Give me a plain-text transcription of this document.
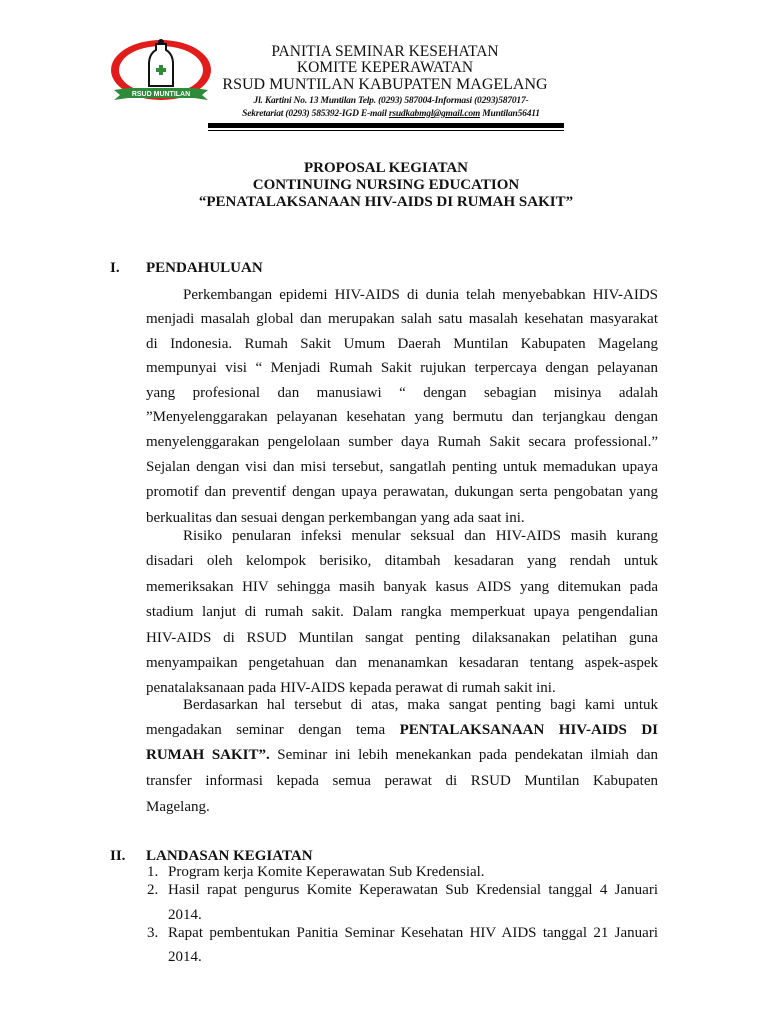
RSUD MUNTILAN
PANITIA SEMINAR KESEHATAN
KOMITE KEPERAWATAN
RSUD MUNTILAN KABUPATEN MAGELANG
Jl. Kartini No. 13 Muntilan Telp. (0293) 587004-Informasi (0293)587017-
Sekretariat (0293) 585392-IGD E-mail rsudkabmgl@gmail.com Muntilan56411
PROPOSAL KEGIATAN
CONTINUING NURSING EDUCATION
“PENATALAKSANAAN HIV-AIDS DI RUMAH SAKIT”
I. PENDAHULUAN
Perkembangan epidemi HIV-AIDS di dunia telah menyebabkan HIV-AIDS
menjadi masalah global dan merupakan salah satu masalah kesehatan masyarakat
di Indonesia. Rumah Sakit Umum Daerah Muntilan Kabupaten Magelang
mempunyai visi “ Menjadi Rumah Sakit rujukan terpercaya dengan pelayanan
yang profesional dan manusiawi “ dengan sebagian misinya adalah
”Menyelenggarakan pelayanan kesehatan yang bermutu dan terjangkau dengan
menyelenggarakan pengelolaan sumber daya Rumah Sakit secara professional.”
Sejalan dengan visi dan misi tersebut, sangatlah penting untuk memadukan upaya
promotif dan preventif dengan upaya perawatan, dukungan serta pengobatan yang
berkualitas dan sesuai dengan perkembangan yang ada saat ini.
Risiko penularan infeksi menular seksual dan HIV-AIDS masih kurang
disadari oleh kelompok berisiko, ditambah kesadaran yang rendah untuk
memeriksakan HIV sehingga masih banyak kasus AIDS yang ditemukan pada
stadium lanjut di rumah sakit. Dalam rangka memperkuat upaya pengendalian
HIV-AIDS di RSUD Muntilan sangat penting dilaksanakan pelatihan guna
menyampaikan pengetahuan dan menanamkan kesadaran tentang aspek-aspek
penatalaksanaan pada HIV-AIDS kepada perawat di rumah sakit ini.
Berdasarkan hal tersebut di atas, maka sangat penting bagi kami untuk
mengadakan seminar dengan tema PENTALAKSANAAN HIV-AIDS DI
RUMAH SAKIT”. Seminar ini lebih menekankan pada pendekatan ilmiah dan
transfer informasi kepada semua perawat di RSUD Muntilan Kabupaten
Magelang.
II. LANDASAN KEGIATAN
1. Program kerja Komite Keperawatan Sub Kredensial.
2. Hasil rapat pengurus Komite Keperawatan Sub Kredensial tanggal 4 Januari
2014.
3. Rapat pembentukan Panitia Seminar Kesehatan HIV AIDS tanggal 21 Januari
2014.
